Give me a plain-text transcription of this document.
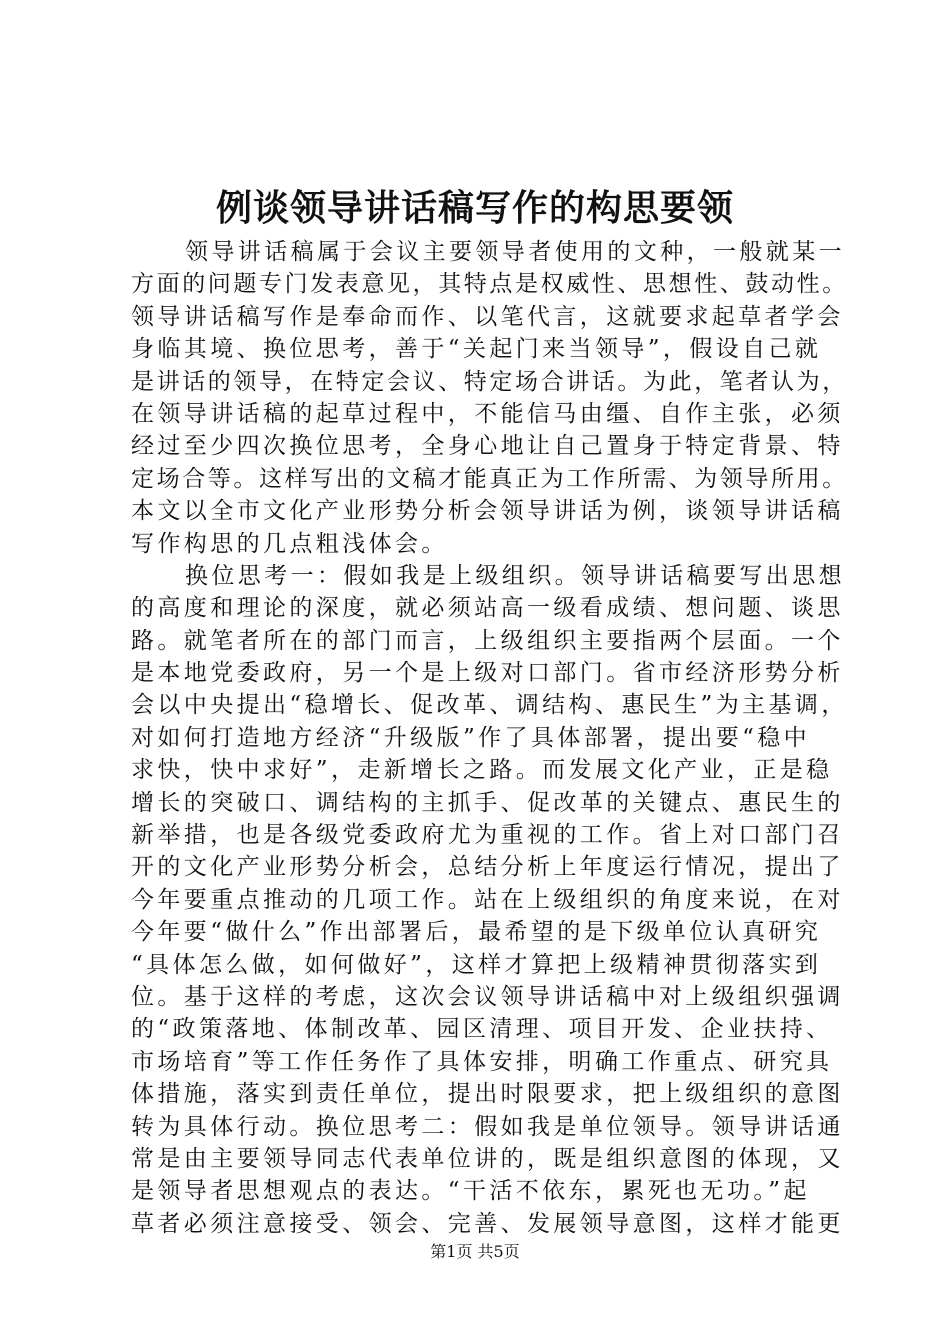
例谈领导讲话稿写作的构思要领

领导讲话稿属于会议主要领导者使用的文种，一般就某一

方面的问题专门发表意见，其特点是权威性、思想性、鼓动性。

领导讲话稿写作是奉命而作、以笔代言，这就要求起草者学会

身临其境、换位思考，善于“关起门来当领导”，假设自己就

是讲话的领导，在特定会议、特定场合讲话。为此，笔者认为，

在领导讲话稿的起草过程中，不能信马由缰、自作主张，必须

经过至少四次换位思考，全身心地让自己置身于特定背景、特

定场合等。这样写出的文稿才能真正为工作所需、为领导所用。

本文以全市文化产业形势分析会领导讲话为例，谈领导讲话稿

写作构思的几点粗浅体会。

换位思考一：假如我是上级组织。领导讲话稿要写出思想

的高度和理论的深度，就必须站高一级看成绩、想问题、谈思

路。就笔者所在的部门而言，上级组织主要指两个层面。一个

是本地党委政府，另一个是上级对口部门。省市经济形势分析

会以中央提出“稳增长、促改革、调结构、惠民生”为主基调，

对如何打造地方经济“升级版”作了具体部署，提出要“稳中

求快，快中求好”，走新增长之路。而发展文化产业，正是稳

增长的突破口、调结构的主抓手、促改革的关键点、惠民生的

新举措，也是各级党委政府尤为重视的工作。省上对口部门召

开的文化产业形势分析会，总结分析上年度运行情况，提出了

今年要重点推动的几项工作。站在上级组织的角度来说，在对

今年要“做什么”作出部署后，最希望的是下级单位认真研究

“具体怎么做，如何做好”，这样才算把上级精神贯彻落实到

位。基于这样的考虑，这次会议领导讲话稿中对上级组织强调

的“政策落地、体制改革、园区清理、项目开发、企业扶持、

市场培育”等工作任务作了具体安排，明确工作重点、研究具

体措施，落实到责任单位，提出时限要求，把上级组织的意图

转为具体行动。换位思考二：假如我是单位领导。领导讲话通

常是由主要领导同志代表单位讲的，既是组织意图的体现，又

是领导者思想观点的表达。“干活不依东，累死也无功。”起

草者必须注意接受、领会、完善、发展领导意图，这样才能更

第1页 共5页
